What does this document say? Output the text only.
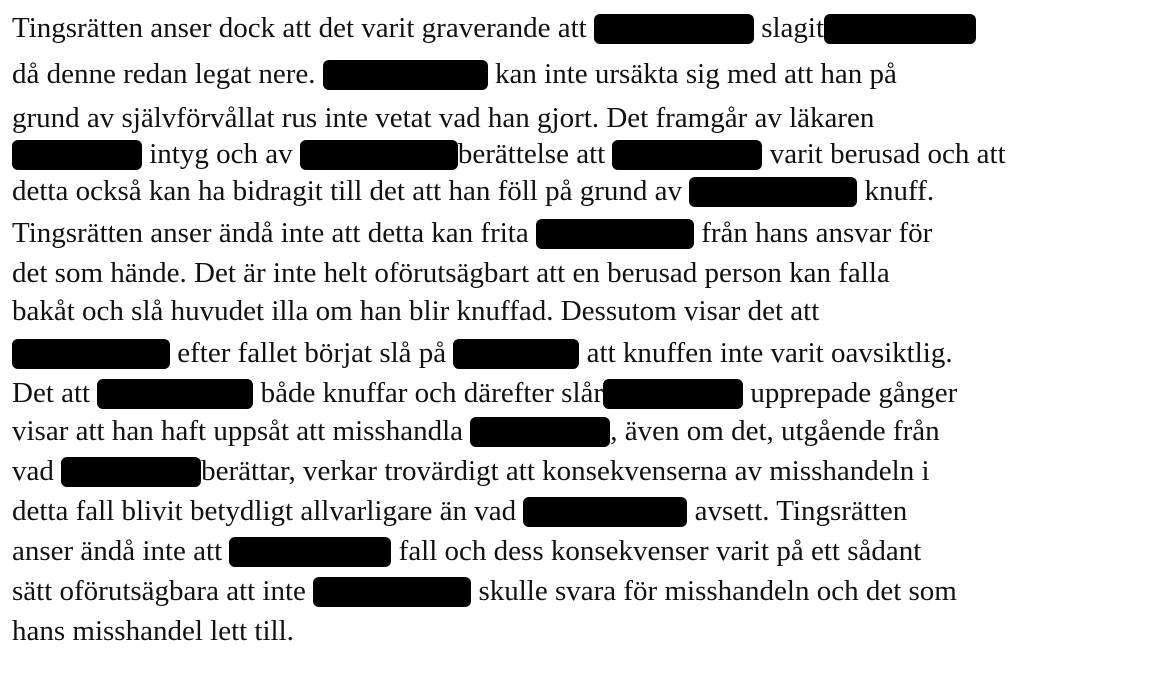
Tingsrätten anser dock att det varit graverande att	slagit
då denne redan legat nere.	kan inte ursäkta sig med att han på
grund av självförvållat rus inte vetat vad han gjort. Det framgår av läkaren
intyg och av	berättelse att	varit berusad och att
detta också kan ha bidragit till det att han föll på grund av	knuff.
Tingsrätten anser ändå inte att detta kan frita	från hans ansvar för
det som hände. Det är inte helt oförutsägbart att en berusad person kan falla
bakåt och slå huvudet illa om han blir knuffad. Dessutom visar det att
efter fallet börjat slå på	att knuffen inte varit oavsiktlig.
Det att	både knuffar och därefter slår	upprepade gånger
visar att han haft uppsåt att misshandla	, även om det, utgående från
vad	berättar, verkar trovärdigt att konsekvenserna av misshandeln i
detta fall blivit betydligt allvarligare än vad	avsett. Tingsrätten
anser ändå inte att	fall och dess konsekvenser varit på ett sådant
sätt oförutsägbara att inte	skulle svara för misshandeln och det som
hans misshandel lett till.
